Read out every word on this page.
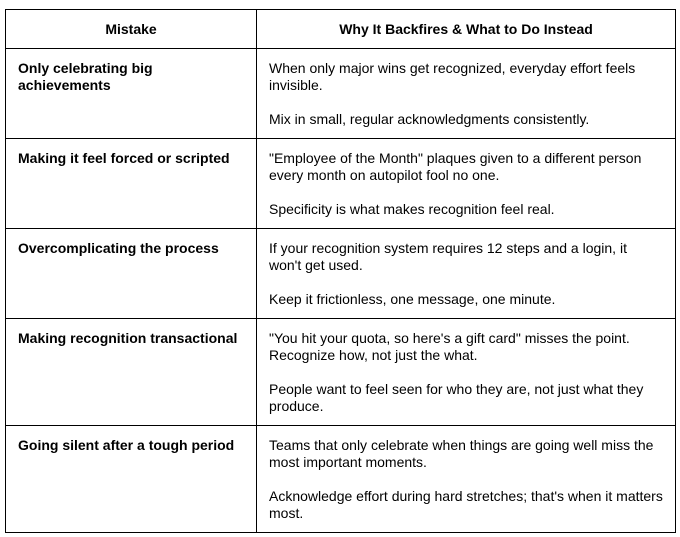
Mistake	Why It Backfires & What to Do Instead
Only celebrating big achievements	When only major wins get recognized, everyday effort feels invisible.

Mix in small, regular acknowledgments consistently.

Making it feel forced or scripted	"Employee of the Month" plaques given to a different person every month on autopilot fool no one.

Specificity is what makes recognition feel real.

Overcomplicating the process	If your recognition system requires 12 steps and a login, it won't get used.

Keep it frictionless, one message, one minute.

Making recognition transactional	"You hit your quota, so here's a gift card" misses the point. Recognize how, not just the what.

People want to feel seen for who they are, not just what they produce.

Going silent after a tough period	Teams that only celebrate when things are going well miss the most important moments.

Acknowledge effort during hard stretches; that's when it matters most.
